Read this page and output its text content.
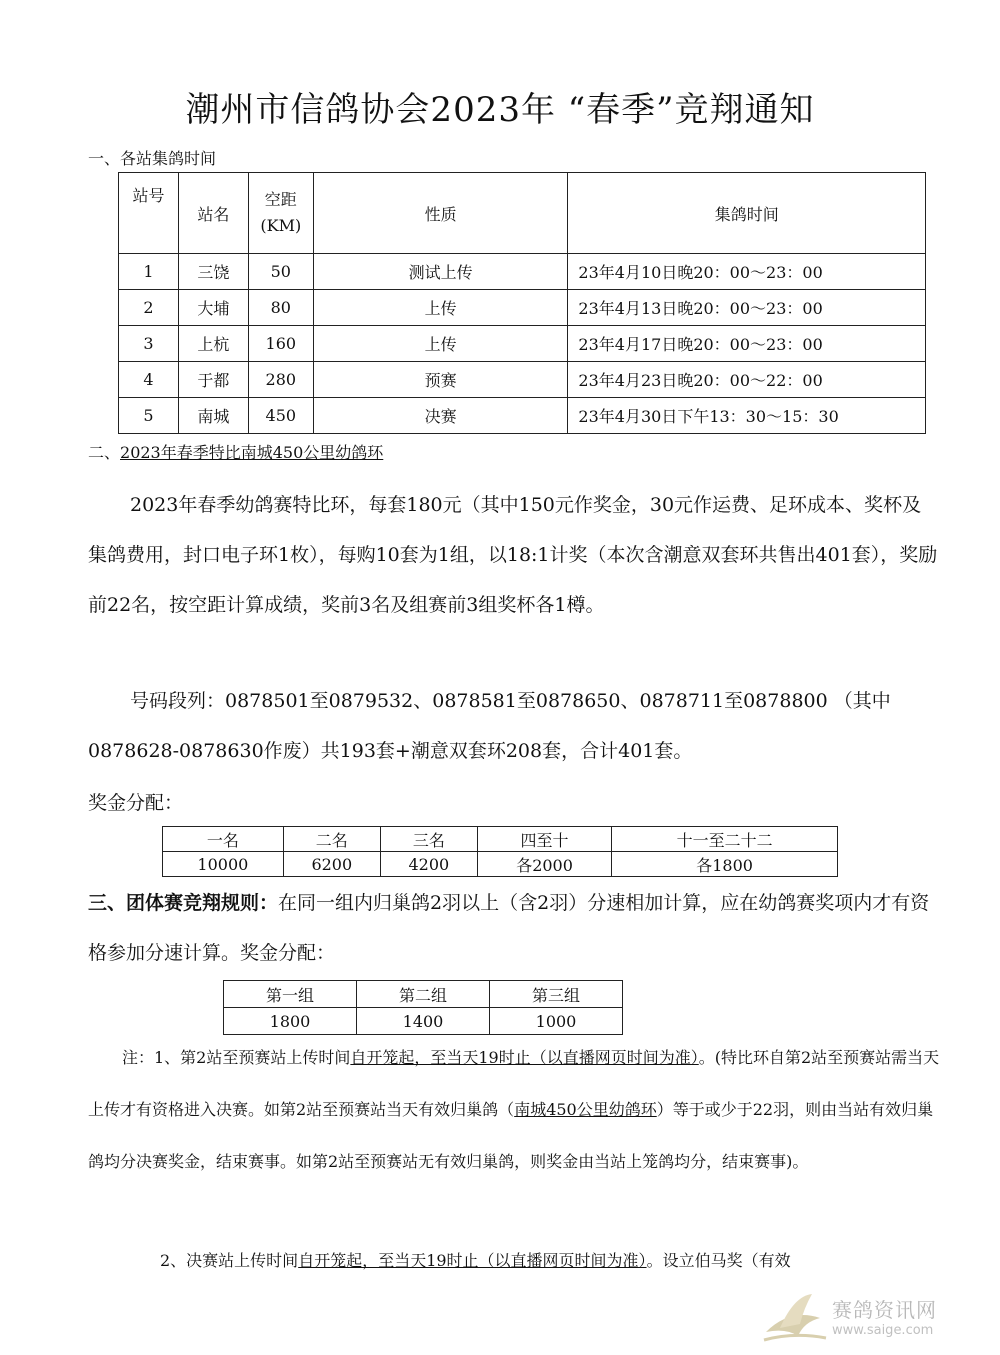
潮州市信鸽协会2023年 “春季”竞翔通知
一、各站集鸽时间
站号	站名	空距(KM)	性质	集鸽时间
1	三饶	50	测试上传	23年4月10日晚20：00～23：00
2	大埔	80	上传	23年4月13日晚20：00～23：00
3	上杭	160	上传	23年4月17日晚20：00～23：00
4	于都	280	预赛	23年4月23日晚20：00～22：00
5	南城	450	决赛	23年4月30日下午13：30～15：30
二、2023年春季特比南城450公里幼鸽环
2023年春季幼鸽赛特比环，每套180元（其中150元作奖金，30元作运费、足环成本、奖杯及集鸽费用，封口电子环1枚），每购10套为1组，以18:1计奖（本次含潮意双套环共售出401套），奖励前22名，按空距计算成绩，奖前3名及组赛前3组奖杯各1樽。
号码段列：0878501至0879532、0878581至0878650、0878711至0878800 （其中0878628-0878630作废）共193套+潮意双套环208套，合计401套。
奖金分配：
一名	二名	三名	四至十	十一至二十二
10000	6200	4200	各2000	各1800
三、团体赛竞翔规则：在同一组内归巢鸽2羽以上（含2羽）分速相加计算，应在幼鸽赛奖项内才有资格参加分速计算。奖金分配：
第一组	第二组	第三组
1800	1400	1000
注：1、第2站至预赛站上传时间自开笼起，至当天19时止（以直播网页时间为准）。(特比环自第2站至预赛站需当天上传才有资格进入决赛。如第2站至预赛站当天有效归巢鸽（南城450公里幼鸽环）等于或少于22羽，则由当站有效归巢鸽均分决赛奖金，结束赛事。如第2站至预赛站无有效归巢鸽，则奖金由当站上笼鸽均分，结束赛事)。
2、决赛站上传时间自开笼起，至当天19时止（以直播网页时间为准）。设立伯马奖（有效
赛鸽资讯网
www.saige.com
